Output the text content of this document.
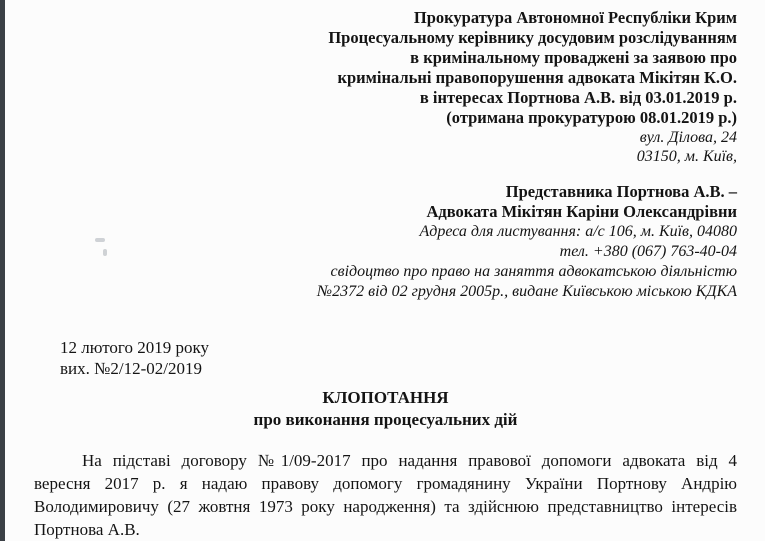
Прокуратура Автономної Республіки Крим
Процесуальному керівнику досудовим розслідуванням
в кримінальному проваджені за заявою про
кримінальні правопорушення адвоката Мікітян К.О.
в інтересах Портнова А.В. від 03.01.2019 р.
(отримана прокуратурою 08.01.2019 р.)
вул. Ділова, 24
03150, м. Київ,
Представника Портнова А.В. –
Адвоката Мікітян Каріни Олександрівни
Адреса для листування: а/с 106, м. Київ, 04080
тел. +380 (067) 763-40-04
свідоцтво про право на заняття адвокатською діяльністю
№2372 від 02 грудня 2005р., видане Київською міською КДКА
12 лютого 2019 року
вих. №2/12-02/2019
КЛОПОТАННЯ
про виконання процесуальних дій
На підставі договору №1/09-2017 про надання правової допомоги адвоката від 4
вересня 2017 р. я надаю правову допомогу громадянину України Портнову Андрію
Володимировичу (27 жовтня 1973 року народження) та здійснюю представництво інтересів
Портнова А.В.
